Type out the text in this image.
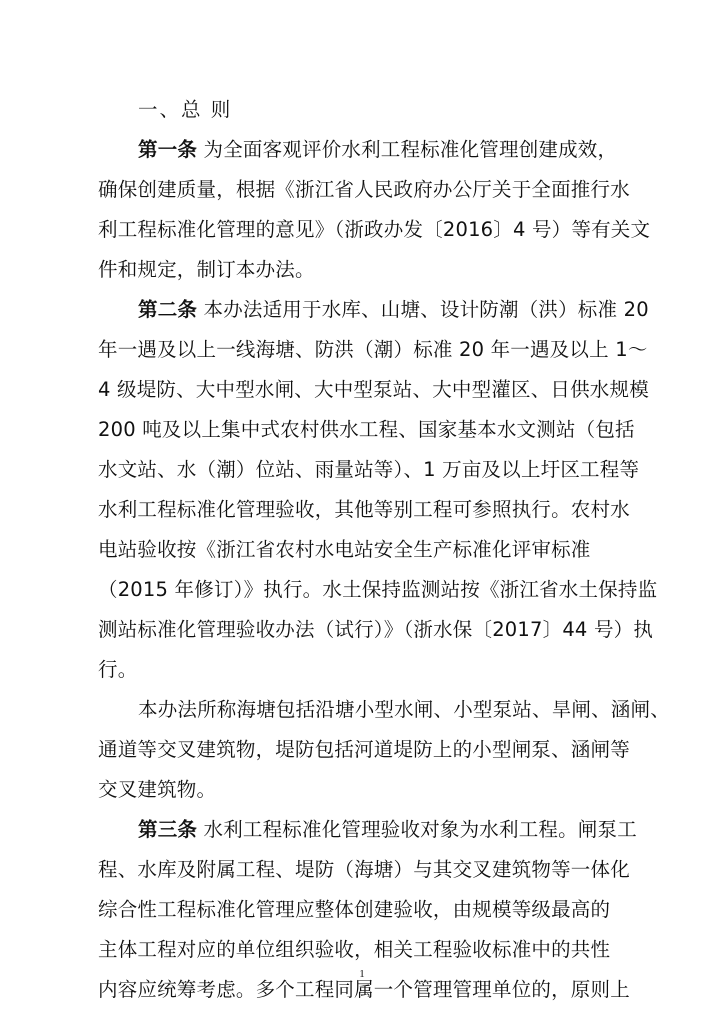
一、总 则
第一条 为全面客观评价水利工程标准化管理创建成效，
确保创建质量，根据《浙江省人民政府办公厅关于全面推行水
利工程标准化管理的意见》（浙政办发〔2016〕4 号）等有关文
件和规定，制订本办法。
第二条 本办法适用于水库、山塘、设计防潮（洪）标准 20
年一遇及以上一线海塘、防洪（潮）标准 20 年一遇及以上 1～
4 级堤防、大中型水闸、大中型泵站、大中型灌区、日供水规模
200 吨及以上集中式农村供水工程、国家基本水文测站（包括
水文站、水（潮）位站、雨量站等）、1 万亩及以上圩区工程等
水利工程标准化管理验收，其他等别工程可参照执行。农村水
电站验收按《浙江省农村水电站安全生产标准化评审标准
（2015 年修订）》执行。水土保持监测站按《浙江省水土保持监
测站标准化管理验收办法（试行）》（浙水保〔2017〕44 号）执
行。
本办法所称海塘包括沿塘小型水闸、小型泵站、旱闸、涵闸、
通道等交叉建筑物，堤防包括河道堤防上的小型闸泵、涵闸等
交叉建筑物。
第三条 水利工程标准化管理验收对象为水利工程。闸泵工
程、水库及附属工程、堤防（海塘）与其交叉建筑物等一体化
综合性工程标准化管理应整体创建验收，由规模等级最高的
主体工程对应的单位组织验收，相关工程验收标准中的共性
内容应统筹考虑。多个工程同属一个管理管理单位的，原则上
1
